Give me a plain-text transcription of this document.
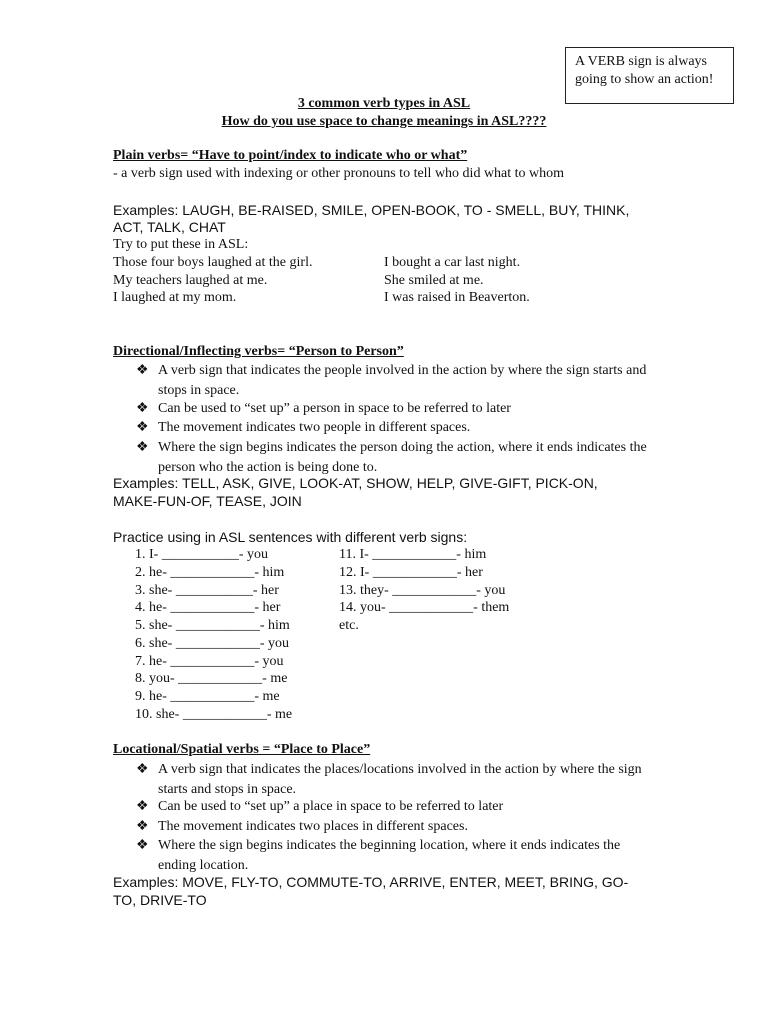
A VERB sign is always going to show an action!
3 common verb types in ASL
How do you use space to change meanings in ASL????
Plain verbs= “Have to point/index to indicate who or what”
- a verb sign used with indexing or other pronouns to tell who did what to whom
Examples: LAUGH, BE-RAISED, SMILE, OPEN-BOOK, TO - SMELL, BUY, THINK,
ACT, TALK, CHAT
Try to put these in ASL:
Those four boys laughed at the girl.
My teachers laughed at me.
I laughed at my mom.
I bought a car last night.
She smiled at me.
I was raised in Beaverton.
Directional/Inflecting verbs= “Person to Person”
❖ A verb sign that indicates the people involved in the action by where the sign starts and stops in space.
❖ Can be used to “set up” a person in space to be referred to later
❖ The movement indicates two people in different spaces.
❖ Where the sign begins indicates the person doing the action, where it ends indicates the person who the action is being done to.
Examples: TELL, ASK, GIVE, LOOK-AT, SHOW, HELP, GIVE-GIFT, PICK-ON,
MAKE-FUN-OF, TEASE, JOIN
Practice using in ASL sentences with different verb signs:
1. I- ___________- you
2. he- ____________- him
3. she- ___________- her
4. he- ____________- her
5. she- ____________- him
6. she- ____________- you
7. he- ____________- you
8. you- ____________- me
9. he- ____________- me
10. she- ____________- me
11. I- ____________- him
12. I- ____________- her
13. they- ____________- you
14. you- ____________- them
etc.
Locational/Spatial verbs = “Place to Place”
❖ A verb sign that indicates the places/locations involved in the action by where the sign starts and stops in space.
❖ Can be used to “set up” a place in space to be referred to later
❖ The movement indicates two places in different spaces.
❖ Where the sign begins indicates the beginning location, where it ends indicates the ending location.
Examples: MOVE, FLY-TO, COMMUTE-TO, ARRIVE, ENTER, MEET, BRING, GO-
TO, DRIVE-TO
